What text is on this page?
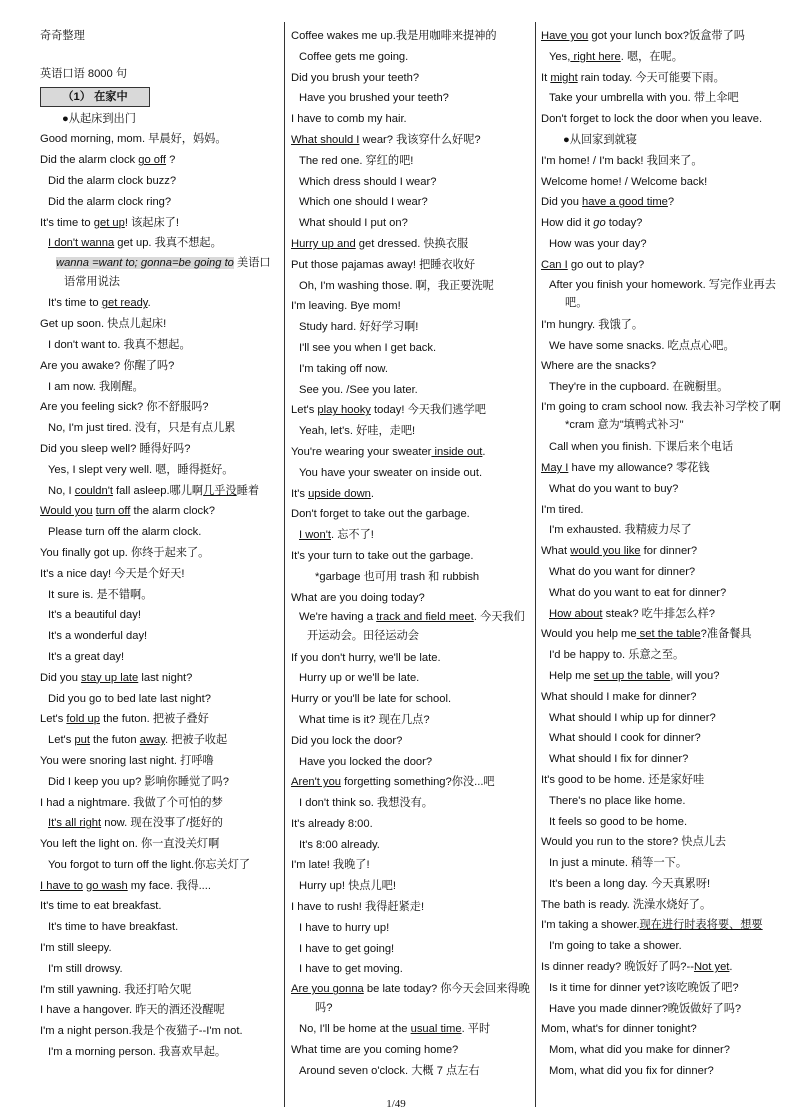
奇奇整理
英语口语 8000 句
（1） 在家中
●从起床到出门
Good morning, mom. 早晨好，妈妈。
Did the alarm clock go off ?
Did the alarm clock buzz?
Did the alarm clock ring?
It's time to get up! 该起床了!
I don't wanna get up. 我真不想起。
wanna =want to; gonna=be going to 美语口语常用说法
It's time to get ready.
Get up soon. 快点儿起床!
I don't want to. 我真不想起。
Are you awake? 你醒了吗?
I am now. 我刚醒。
Are you feeling sick? 你不舒服吗?
No, I'm just tired. 没有，只是有点儿累
Did you sleep well? 睡得好吗?
Yes, I slept very well. 嗯，睡得挺好。
No, I couldn't fall asleep.哪儿啊几乎没睡着
Would you turn off the alarm clock?
Please turn off the alarm clock.
You finally got up. 你终于起来了。
It's a nice day! 今天是个好天!
It sure is. 是不错啊。
It's a beautiful day!
It's a wonderful day!
It's a great day!
Did you stay up late last night?
Did you go to bed late last night?
Let's fold up the futon. 把被子叠好
Let's put the futon away. 把被子收起
You were snoring last night. 打呼噜
Did I keep you up? 影响你睡觉了吗?
I had a nightmare. 我做了个可怕的梦
It's all right now. 现在没事了/挺好的
You left the light on. 你一直没关灯啊
You forgot to turn off the light.你忘关灯了
I have to go wash my face. 我得....
It's time to eat breakfast.
It's time to have breakfast.
I'm still sleepy.
I'm still drowsy.
I'm still yawning. 我还打哈欠呢
I have a hangover. 昨天的酒还没醒呢
I'm a night person.我是个夜猫子--I'm not.
I'm a morning person. 我喜欢早起。
Coffee wakes me up.我是用咖啡来提神的
Coffee gets me going.
Did you brush your teeth?
Have you brushed your teeth?
I have to comb my hair.
What should I wear? 我该穿什么好呢?
The red one. 穿红的吧!
Which dress should I wear?
Which one should I wear?
What should I put on?
Hurry up and get dressed. 快换衣服
Put those pajamas away! 把睡衣收好
Oh, I'm washing those. 啊，我正要洗呢
I'm leaving. Bye mom!
Study hard. 好好学习啊!
I'll see you when I get back.
I'm taking off now.
See you. /See you later.
Let's play hooky today! 今天我们逃学吧
Yeah, let's. 好哇，走吧!
You're wearing your sweater inside out.
You have your sweater on inside out.
It's upside down.
Don't forget to take out the garbage.
I won't. 忘不了!
It's your turn to take out the garbage.
*garbage 也可用 trash 和 rubbish
What are you doing today?
We're having a track and field meet. 今天我们开运动会。田径运动会
If you don't hurry, we'll be late.
Hurry up or we'll be late.
Hurry or you'll be late for school.
What time is it? 现在几点?
Did you lock the door?
Have you locked the door?
Aren't you forgetting something?你没...吧
I don't think so. 我想没有。
It's already 8:00.
It's 8:00 already.
I'm late! 我晚了!
Hurry up! 快点儿吧!
I have to rush! 我得赶紧走!
I have to hurry up!
I have to get going!
I have to get moving.
Are you gonna be late today? 你今天会回来得晚吗?
No, I'll be home at the usual time. 平时
What time are you coming home?
Around seven o'clock. 大概 7 点左右
Have you got your lunch box?饭盒带了吗
Yes, right here. 嗯，在呢。
It might rain today. 今天可能要下雨。
Take your umbrella with you. 带上伞吧
Don't forget to lock the door when you leave.
●从回家到就寝
I'm home! / I'm back! 我回来了。
Welcome home! / Welcome back!
Did you have a good time?
How did it go today?
How was your day?
Can I go out to play?
After you finish your homework. 写完作业再去吧。
I'm hungry. 我饿了。
We have some snacks. 吃点点心吧。
Where are the snacks?
They're in the cupboard. 在碗橱里。
I'm going to cram school now. 我去补习学校了啊*cram 意为"填鸭式补习"
Call when you finish. 下课后来个电话
May I have my allowance? 零花钱
What do you want to buy?
I'm tired.
I'm exhausted. 我精疲力尽了
What would you like for dinner?
What do you want for dinner?
What do you want to eat for dinner?
How about steak? 吃牛排怎么样?
Would you help me set the table?准备餐具
I'd be happy to. 乐意之至。
Help me set up the table, will you?
What should I make for dinner?
What should I whip up for dinner?
What should I cook for dinner?
What should I fix for dinner?
It's good to be home. 还是家好哇
There's no place like home.
It feels so good to be home.
Would you run to the store? 快点儿去
In just a minute. 稍等一下。
It's been a long day. 今天真累呀!
The bath is ready. 洗澡水烧好了。
I'm taking a shower.现在进行时表将要、想要
I'm going to take a shower.
Is dinner ready? 晚饭好了吗?--Not yet.
Is it time for dinner yet?该吃晚饭了吧?
Have you made dinner?晚饭做好了吗?
Mom, what's for dinner tonight?
Mom, what did you make for dinner?
Mom, what did you fix for dinner?
1/49
